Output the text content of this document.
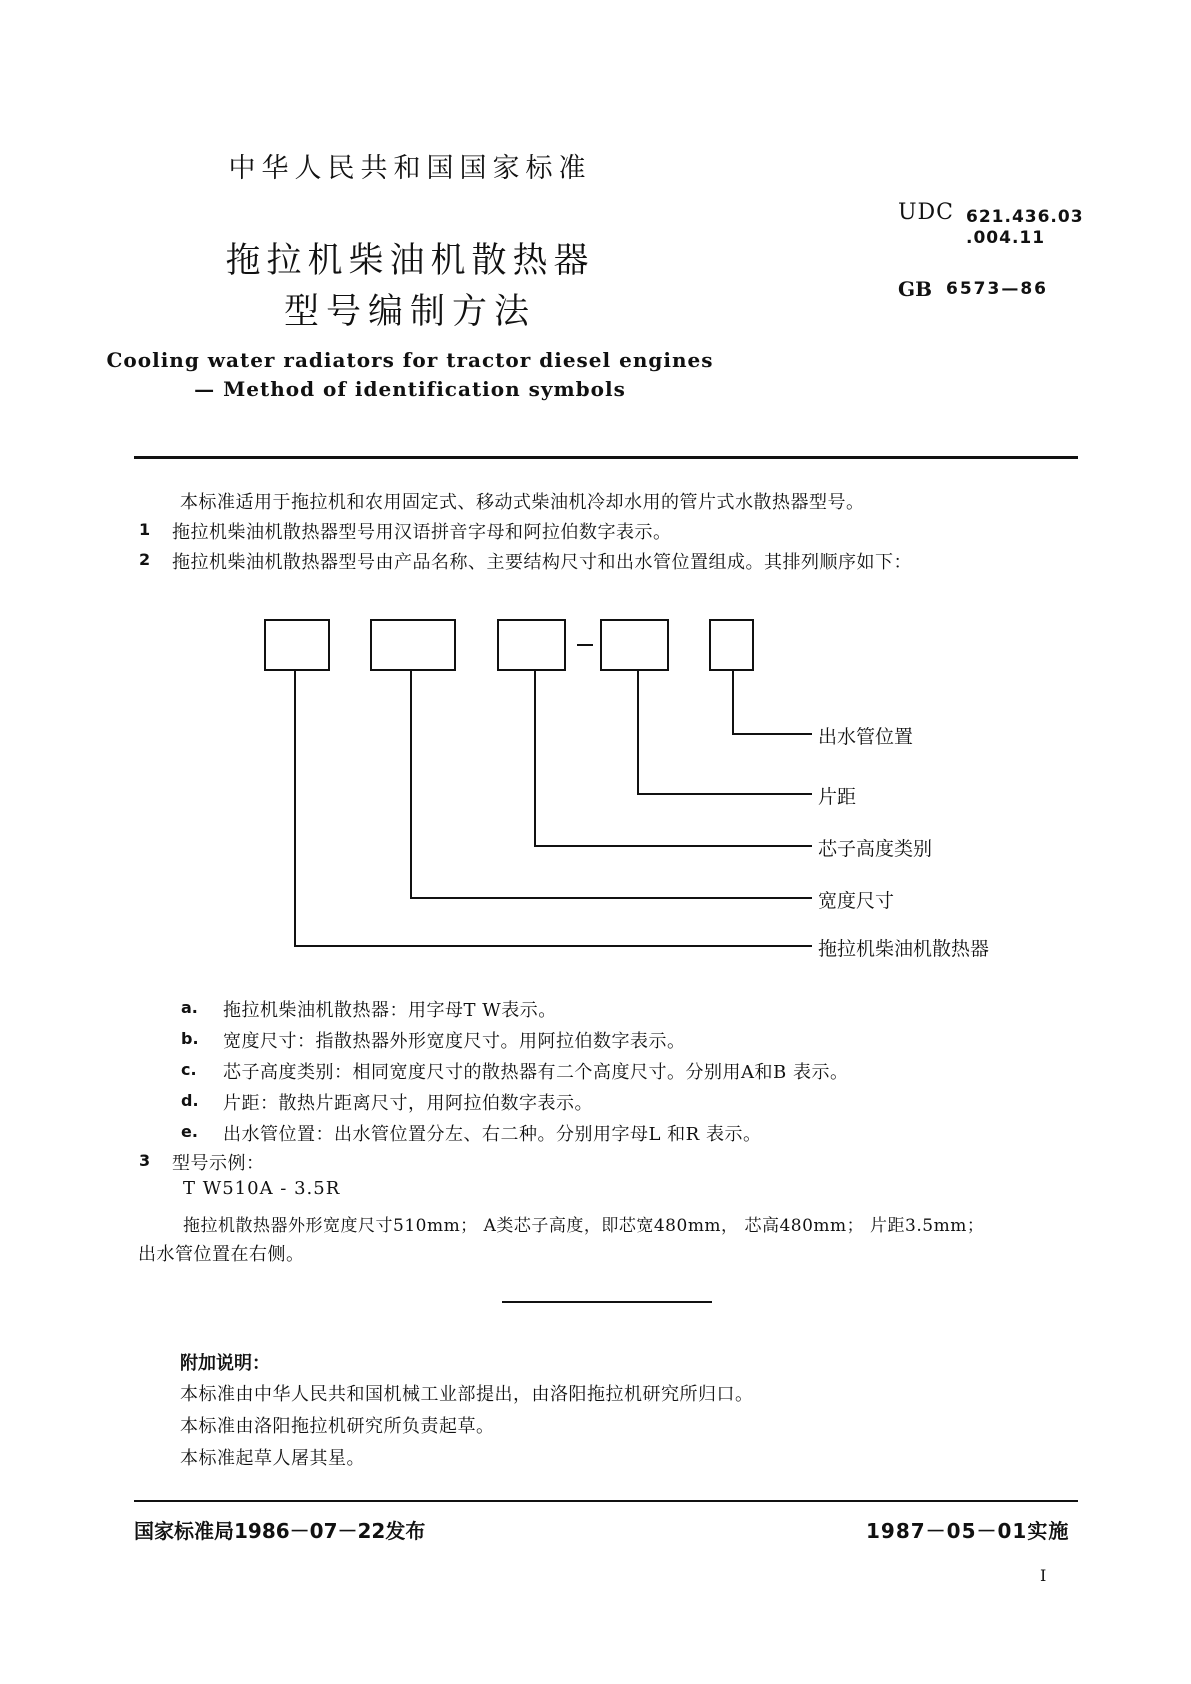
中华人民共和国国家标准
拖拉机柴油机散热器
型号编制方法
UDC 621.436.03
.004.11
GB 6573—86
Cooling water radiators for tractor diesel engines
— Method of identification symbols
本标准适用于拖拉机和农用固定式、移动式柴油机冷却水用的管片式水散热器型号。
1 拖拉机柴油机散热器型号用汉语拼音字母和阿拉伯数字表示。
2 拖拉机柴油机散热器型号由产品名称、主要结构尺寸和出水管位置组成。其排列顺序如下：
出水管位置
片距
芯子高度类别
宽度尺寸
拖拉机柴油机散热器
a. 拖拉机柴油机散热器：用字母T W表示。
b. 宽度尺寸：指散热器外形宽度尺寸。用阿拉伯数字表示。
c. 芯子高度类别：相同宽度尺寸的散热器有二个高度尺寸。分别用A和B 表示。
d. 片距：散热片距离尺寸，用阿拉伯数字表示。
e. 出水管位置：出水管位置分左、右二种。分别用字母L 和R 表示。
3 型号示例：
T W510A - 3.5R
拖拉机散热器外形宽度尺寸510mm； A类芯子高度，即芯宽480mm， 芯高480mm； 片距3.5mm；
出水管位置在右侧。
附加说明：
本标准由中华人民共和国机械工业部提出，由洛阳拖拉机研究所归口。
本标准由洛阳拖拉机研究所负责起草。
本标准起草人屠其星。
国家标准局1986－07－22发布	1987－05－01实施
I
